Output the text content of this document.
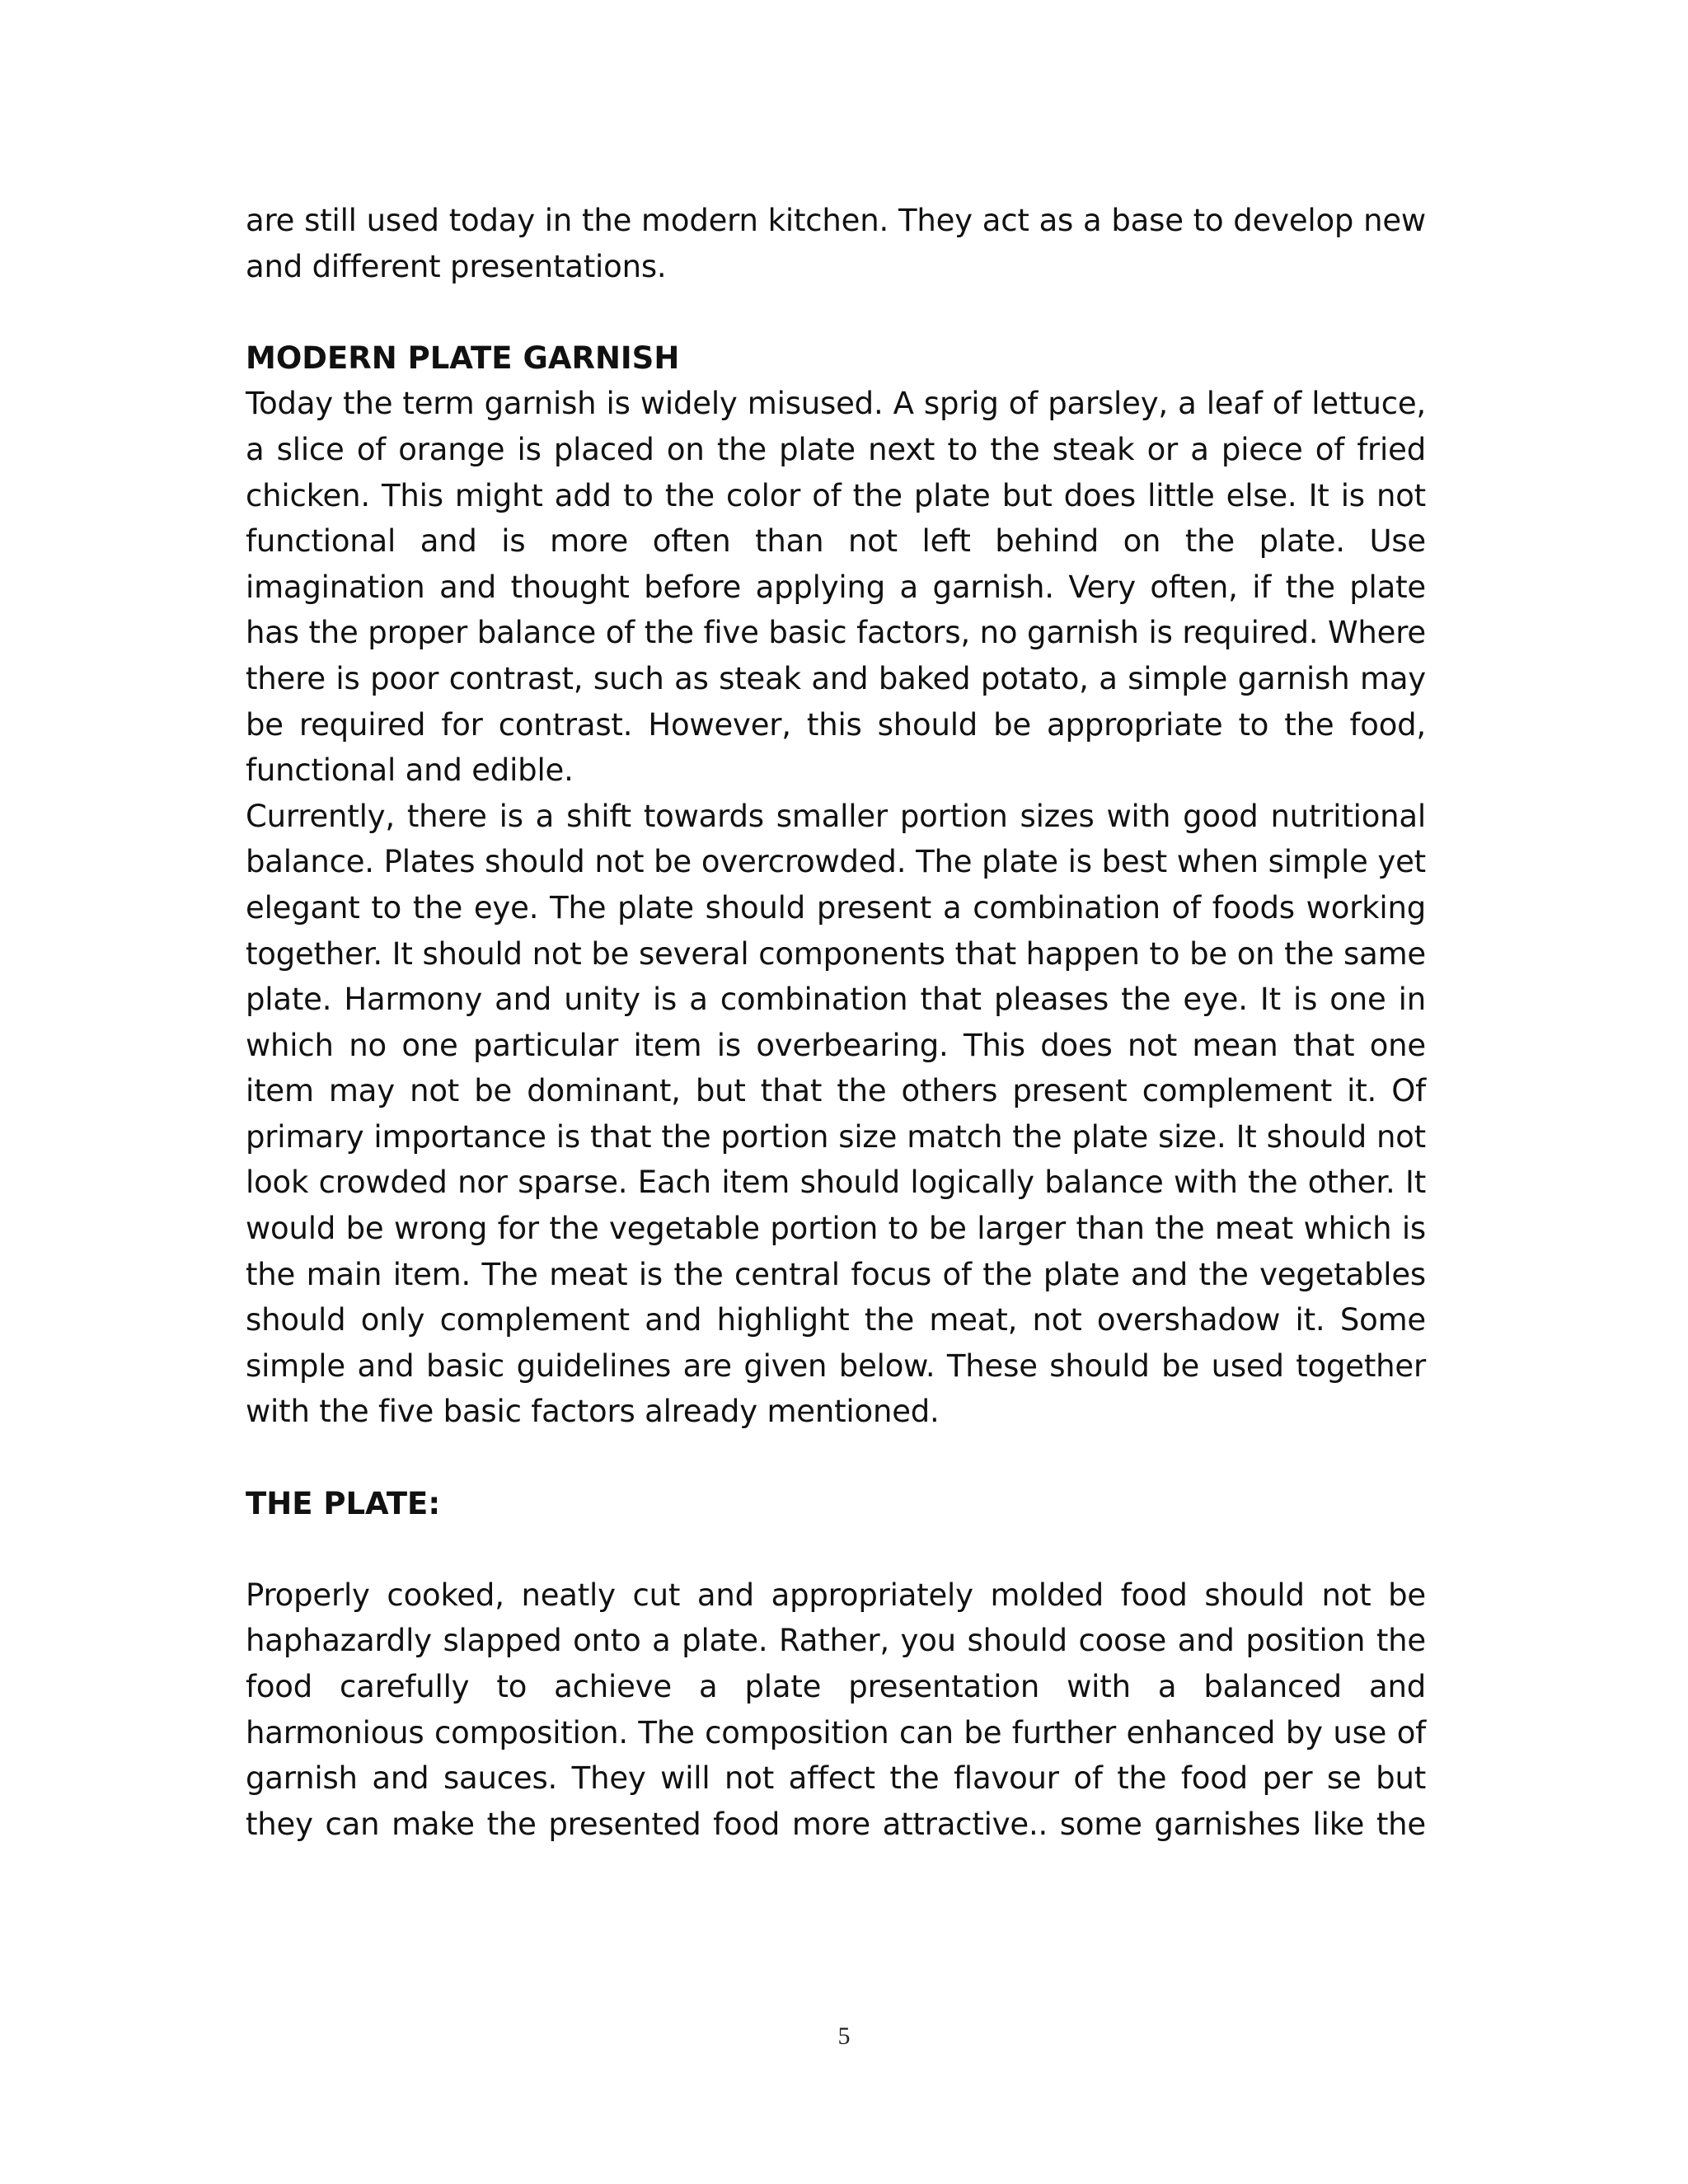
are still used today in the modern kitchen. They act as a base to develop new and different presentations.

MODERN PLATE GARNISH

Today the term garnish is widely misused. A sprig of parsley, a leaf of lettuce, a slice of orange is placed on the plate next to the steak or a piece of fried chicken. This might add to the color of the plate but does little else. It is not functional and is more often than not left behind on the plate. Use imagination and thought before applying a garnish. Very often, if the plate has the proper balance of the five basic factors, no garnish is required. Where there is poor contrast, such as steak and baked potato, a simple garnish may be required for contrast. However, this should be appropriate to the food, functional and edible.

Currently, there is a shift towards smaller portion sizes with good nutritional balance. Plates should not be overcrowded. The plate is best when simple yet elegant to the eye. The plate should present a combination of foods working together. It should not be several components that happen to be on the same plate. Harmony and unity is a combination that pleases the eye. It is one in which no one particular item is overbearing. This does not mean that one item may not be dominant, but that the others present complement it. Of primary importance is that the portion size match the plate size. It should not look crowded nor sparse. Each item should logically balance with the other. It would be wrong for the vegetable portion to be larger than the meat which is the main item. The meat is the central focus of the plate and the vegetables should only complement and highlight the meat, not overshadow it. Some simple and basic guidelines are given below. These should be used together with the five basic factors already mentioned.

THE PLATE:

Properly cooked, neatly cut and appropriately molded food should not be haphazardly slapped onto a plate. Rather, you should coose and position the food carefully to achieve a plate presentation with a balanced and harmonious composition. The composition can be further enhanced by use of garnish and sauces. They will not affect the flavour of the food per se but they can make the presented food more attractive.. some garnishes like the

5
